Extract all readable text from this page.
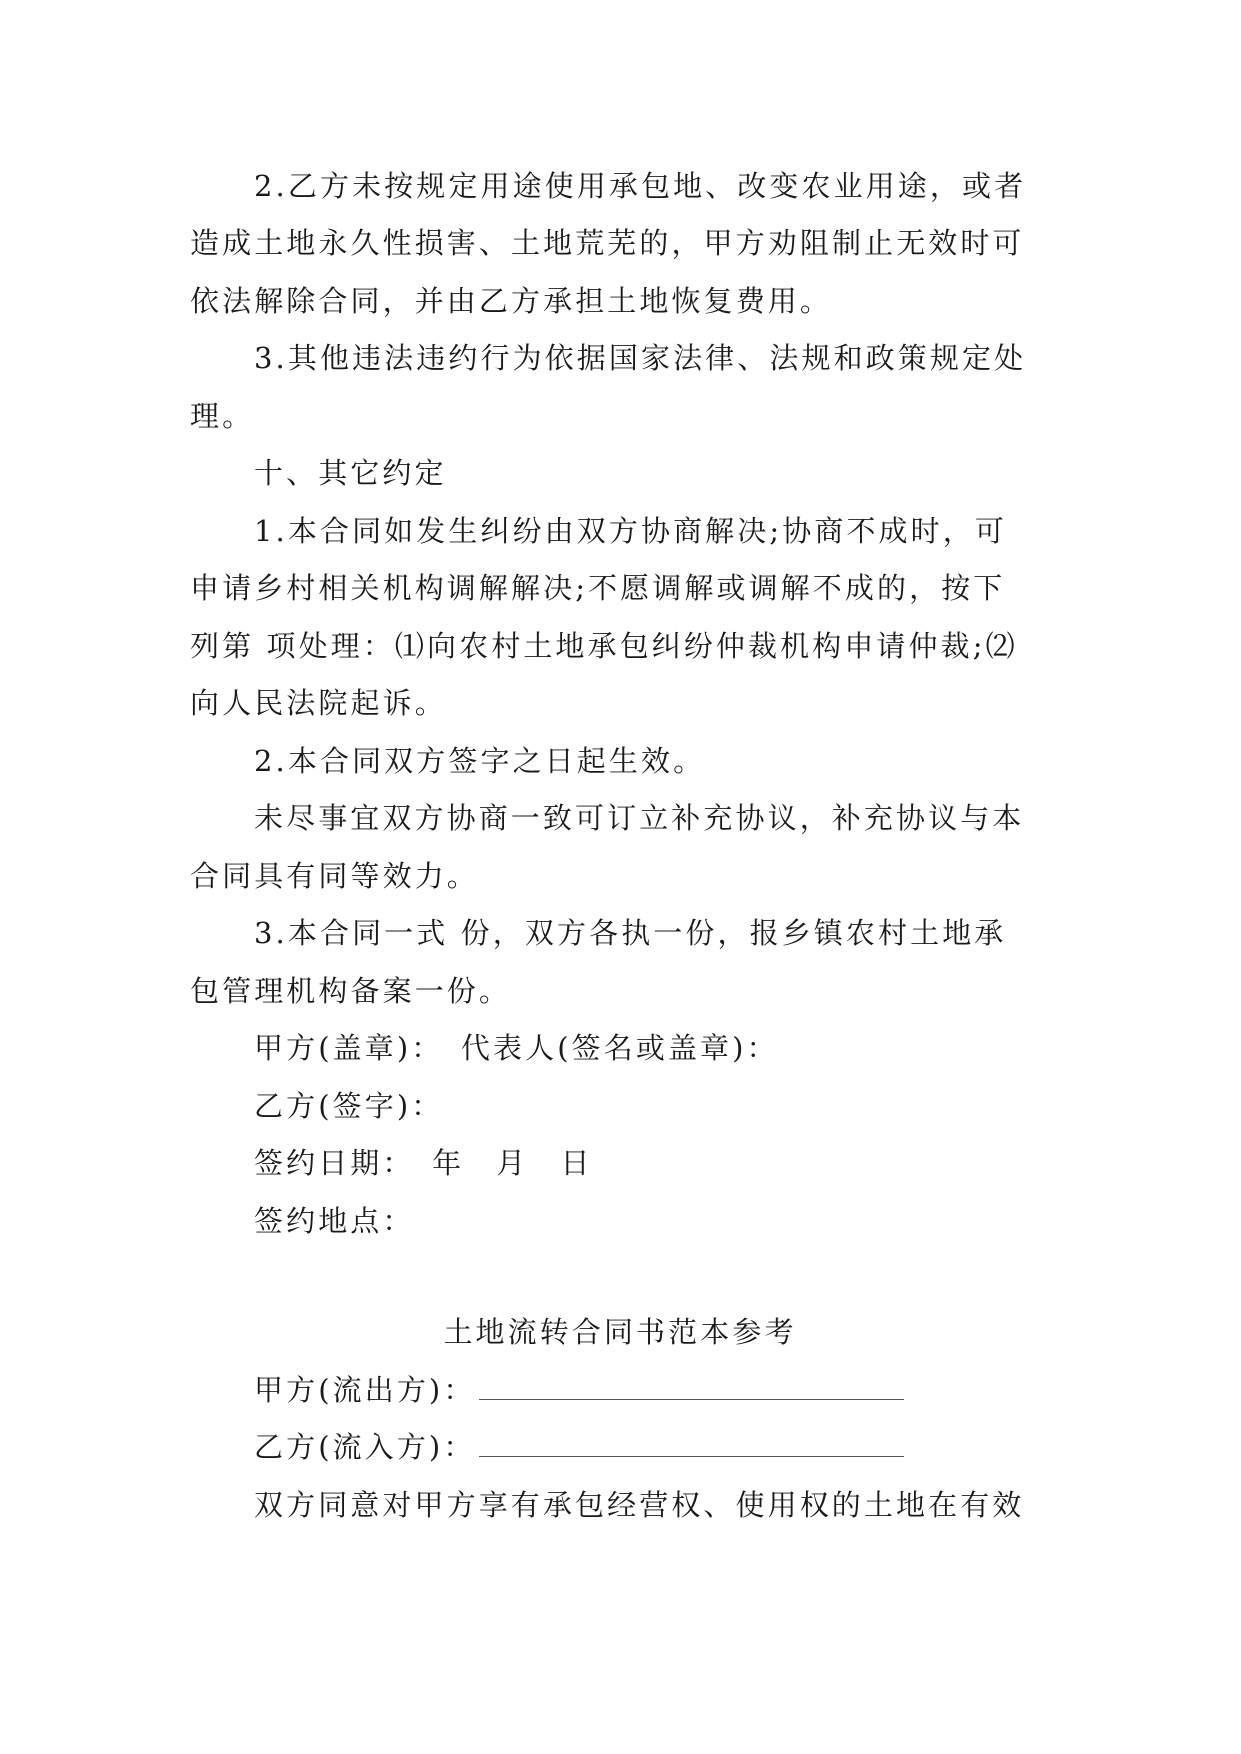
2.乙方未按规定用途使用承包地、改变农业用途，或者
造成土地永久性损害、土地荒芜的，甲方劝阻制止无效时可
依法解除合同，并由乙方承担土地恢复费用。
3.其他违法违约行为依据国家法律、法规和政策规定处
理。
十、其它约定
1.本合同如发生纠纷由双方协商解决;协商不成时，可
申请乡村相关机构调解解决;不愿调解或调解不成的，按下
列第 项处理：⑴向农村土地承包纠纷仲裁机构申请仲裁;⑵
向人民法院起诉。
2.本合同双方签字之日起生效。
未尽事宜双方协商一致可订立补充协议，补充协议与本
合同具有同等效力。
3.本合同一式 份，双方各执一份，报乡镇农村土地承
包管理机构备案一份。
甲方(盖章)：　代表人(签名或盖章)：
乙方(签字)：
签约日期：　年　月　日
签约地点：
土地流转合同书范本参考
甲方(流出方)：
乙方(流入方)：
双方同意对甲方享有承包经营权、使用权的土地在有效
